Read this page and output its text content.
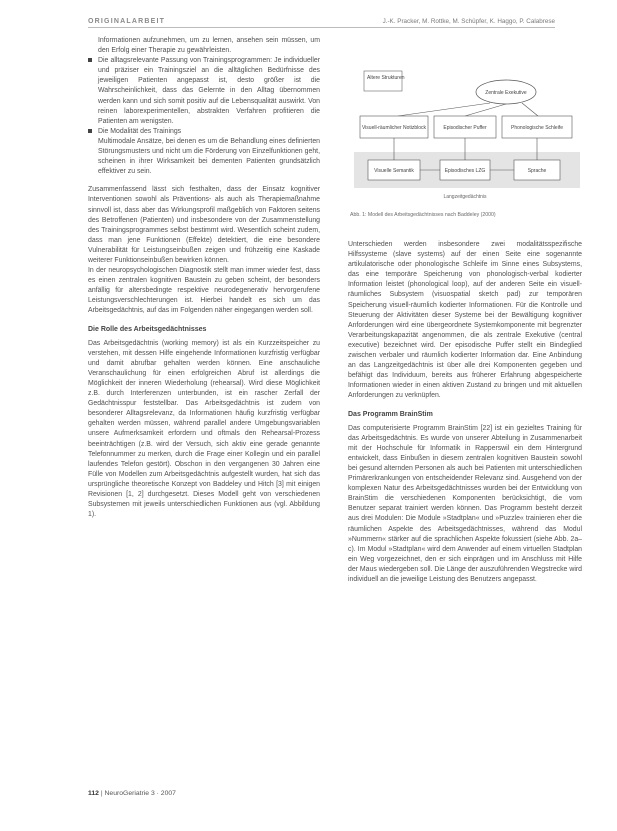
ORIGINALARBEIT	J.-K. Pracker, M. Rottke, M. Schüpfer, K. Haggo, P. Calabrese

Informationen aufzunehmen, um zu lernen, ansehen sein müssen, um den Erfolg einer Therapie zu gewährleisten.

Die alltagsrelevante Passung von Trainingsprogrammen: Je individueller und präziser ein Trainingsziel an die alltäglichen Bedürfnisse des jeweiligen Patienten angepasst ist, desto größer ist die Wahrscheinlichkeit, dass das Gelernte in den Alltag übernommen werden kann und sich somit positiv auf die Lebensqualität auswirkt. Von reinen laborexperimentellen, abstrakten Verfahren profitieren die Patienten am wenigsten.
Die Modalität des Trainings
Multimodale Ansätze, bei denen es um die Behandlung eines definierten Störungsmusters und nicht um die Förderung von Einzelfunktionen geht, scheinen in ihrer Wirksamkeit bei dementen Patienten grundsätzlich effektiver zu sein.

Zusammenfassend lässt sich festhalten, dass der Einsatz kognitiver Interventionen sowohl als Präventions- als auch als Therapiemaßnahme sinnvoll ist, dass aber das Wirkungsprofil maßgeblich von Faktoren seitens des Betroffenen (Patienten) und insbesondere von der Zusammenstellung des Trainingsprogrammes selbst bestimmt wird. Wesentlich scheint zudem, dass man jene Funktionen (Effekte) detektiert, die eine besondere Vulnerabilität für Leistungseinbußen zeigen und frühzeitig eine Kaskade weiterer Funktionseinbußen bewirken können.

In der neuropsychologischen Diagnostik stellt man immer wieder fest, dass es einen zentralen kognitiven Baustein zu geben scheint, der besonders anfällig für altersbedingte respektive neurodegenerativ hervorgerufene Leistungsverschlechterungen ist. Hierbei handelt es sich um das Arbeitsgedächtnis, auf das im Folgenden näher eingegangen werden soll.

Die Rolle des Arbeitsgedächtnisses

Das Arbeitsgedächtnis (working memory) ist als ein Kurzzeitspeicher zu verstehen, mit dessen Hilfe eingehende Informationen kurzfristig verfügbar und damit abrufbar gehalten werden können. Eine anschauliche Veranschaulichung für einen erfolgreichen Abruf ist allerdings die Möglichkeit der inneren Wiederholung (rehearsal). Wird diese Möglichkeit z.B. durch Interferenzen unterbunden, ist ein rascher Zerfall der Gedächtnisspur feststellbar. Das Arbeitsgedächtnis ist zudem von besonderer Alltagsrelevanz, da Informationen häufig kurzfristig verfügbar gehalten werden müssen, während parallel andere Umgebungsvariablen unsere Aufmerksamkeit erfordern und oftmals den Rehearsal-Prozess beeinträchtigen (z.B. wird der Versuch, sich aktiv eine gerade genannte Telefonnummer zu merken, durch die Frage einer Kollegin und ein parallel laufendes Telefon gestört). Obschon in den vergangenen 30 Jahren eine Fülle von Modellen zum Arbeitsgedächtnis aufgestellt wurden, hat sich das ursprüngliche theoretische Konzept von Baddeley und Hitch [3] mit einigen Revisionen [1, 2] durchgesetzt. Dieses Modell geht von verschiedenen Subsystemen mit jeweils unterschiedlichen Funktionen aus (vgl. Abbildung 1).

Altere Strukturen
Zentrale Exekutive
Visuell-räumlicher Notizblock	Episodischer Puffer	Phonologische Schleife
Visuelle Semantik	Episodisches LZG	Sprache
Langzeitgedächtnis
Abb. 1: Modell des Arbeitsgedächtnisses nach Baddeley (2000)

Unterschieden werden insbesondere zwei modalitätsspezifische Hilfssysteme (slave systems) auf der einen Seite eine sogenannte artikulatorische oder phonologische Schleife im Sinne eines Subsystems, das eine temporäre Speicherung von phonologisch-verbal kodierter Information leistet (phonological loop), auf der anderen Seite ein visuell-räumliches Subsystem (visuospatial sketch pad) zur temporären Speicherung visuell-räumlich kodierter Informationen. Für die Kontrolle und Steuerung der Aktivitäten dieser Systeme bei der Bewältigung kognitiver Anforderungen wird eine übergeordnete Systemkomponente mit begrenzter Verarbeitungskapazität angenommen, die als zentrale Exekutive (central executive) bezeichnet wird. Der episodische Puffer stellt ein Bindeglied zwischen verbaler und räumlich kodierter Information dar. Eine Anbindung an das Langzeitgedächtnis ist über alle drei Komponenten gegeben und befähigt das Individuum, bereits aus früherer Erfahrung abgespeicherte Informationen wieder in einen aktiven Zustand zu bringen und mit aktuellen Anforderungen zu verknüpfen.

Das Programm BrainStim

Das computerisierte Programm BrainStim [22] ist ein gezieltes Training für das Arbeitsgedächtnis. Es wurde von unserer Abteilung in Zusammenarbeit mit der Hochschule für Informatik in Rapperswil ein dem Hintergrund entwickelt, dass Einbußen in diesem zentralen kognitiven Baustein sowohl bei gesund alternden Personen als auch bei Patienten mit unterschiedlichen Primärerkrankungen von entscheidender Relevanz sind. Ausgehend von der komplexen Natur des Arbeitsgedächtnisses wurden bei der Entwicklung von BrainStim die verschiedenen Komponenten berücksichtigt, die vom Benutzer separat trainiert werden können. Das Programm besteht derzeit aus drei Modulen: Die Module »Stadtplan« und »Puzzle« trainieren eher die räumlichen Aspekte des Arbeitsgedächtnisses, während das Modul »Nummern« stärker auf die sprachlichen Aspekte fokussiert (siehe Abb. 2a–c). Im Modul »Stadtplan« wird dem Anwender auf einem virtuellen Stadtplan ein Weg vorgezeichnet, den er sich einprägen und im Anschluss mit Hilfe der Maus wiedergeben soll. Die Länge der auszuführenden Wegstrecke wird individuell an die jeweilige Leistung des Benutzers angepasst.

112 | NeuroGeriatrie 3 · 2007
